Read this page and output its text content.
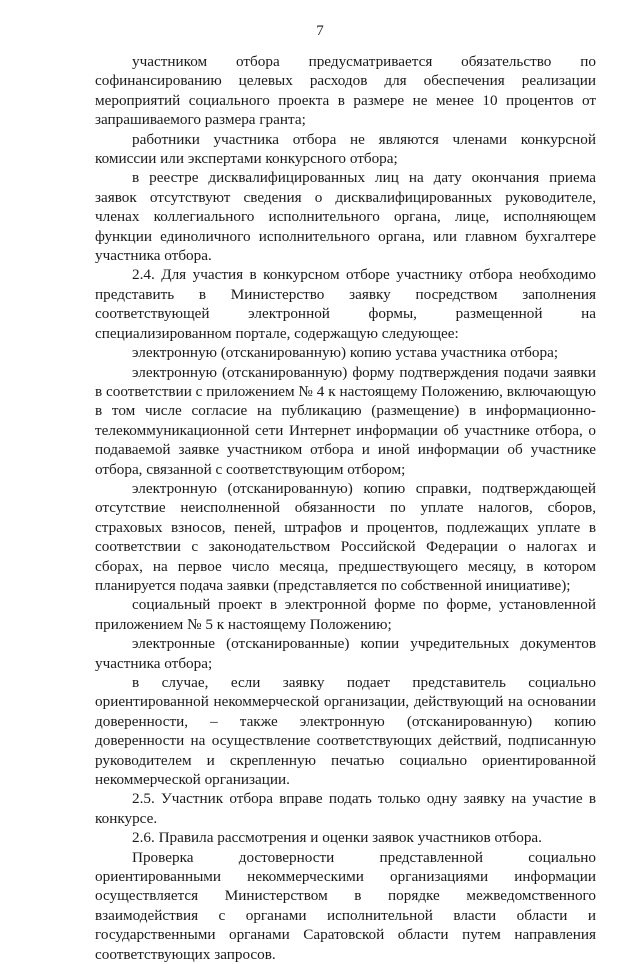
7

участником отбора предусматривается обязательство по софинансированию целевых расходов для обеспечения реализации мероприятий социального проекта в размере не менее 10 процентов от запрашиваемого размера гранта;

работники участника отбора не являются членами конкурсной комиссии или экспертами конкурсного отбора;

в реестре дисквалифицированных лиц на дату окончания приема заявок отсутствуют сведения о дисквалифицированных руководителе, членах коллегиального исполнительного органа, лице, исполняющем функции единоличного исполнительного органа, или главном бухгалтере участника отбора.

2.4. Для участия в конкурсном отборе участнику отбора необходимо представить в Министерство заявку посредством заполнения соответствующей электронной формы, размещенной на специализированном портале, содержащую следующее:

электронную (отсканированную) копию устава участника отбора;

электронную (отсканированную) форму подтверждения подачи заявки в соответствии с приложением № 4 к настоящему Положению, включающую в том числе согласие на публикацию (размещение) в информационно-телекоммуникационной сети Интернет информации об участнике отбора, о подаваемой заявке участником отбора и иной информации об участнике отбора, связанной с соответствующим отбором;

электронную (отсканированную) копию справки, подтверждающей отсутствие неисполненной обязанности по уплате налогов, сборов, страховых взносов, пеней, штрафов и процентов, подлежащих уплате в соответствии с законодательством Российской Федерации о налогах и сборах, на первое число месяца, предшествующего месяцу, в котором планируется подача заявки (представляется по собственной инициативе);

социальный проект в электронной форме по форме, установленной приложением № 5 к настоящему Положению;

электронные (отсканированные) копии учредительных документов участника отбора;

в случае, если заявку подает представитель социально ориентированной некоммерческой организации, действующий на основании доверенности, – также электронную (отсканированную) копию доверенности на осуществление соответствующих действий, подписанную руководителем и скрепленную печатью социально ориентированной некоммерческой организации.

2.5. Участник отбора вправе подать только одну заявку на участие в конкурсе.

2.6. Правила рассмотрения и оценки заявок участников отбора.

Проверка достоверности представленной социально ориентированными некоммерческими организациями информации осуществляется Министерством в порядке межведомственного взаимодействия с органами исполнительной власти области и государственными органами Саратовской области путем направления соответствующих запросов.
